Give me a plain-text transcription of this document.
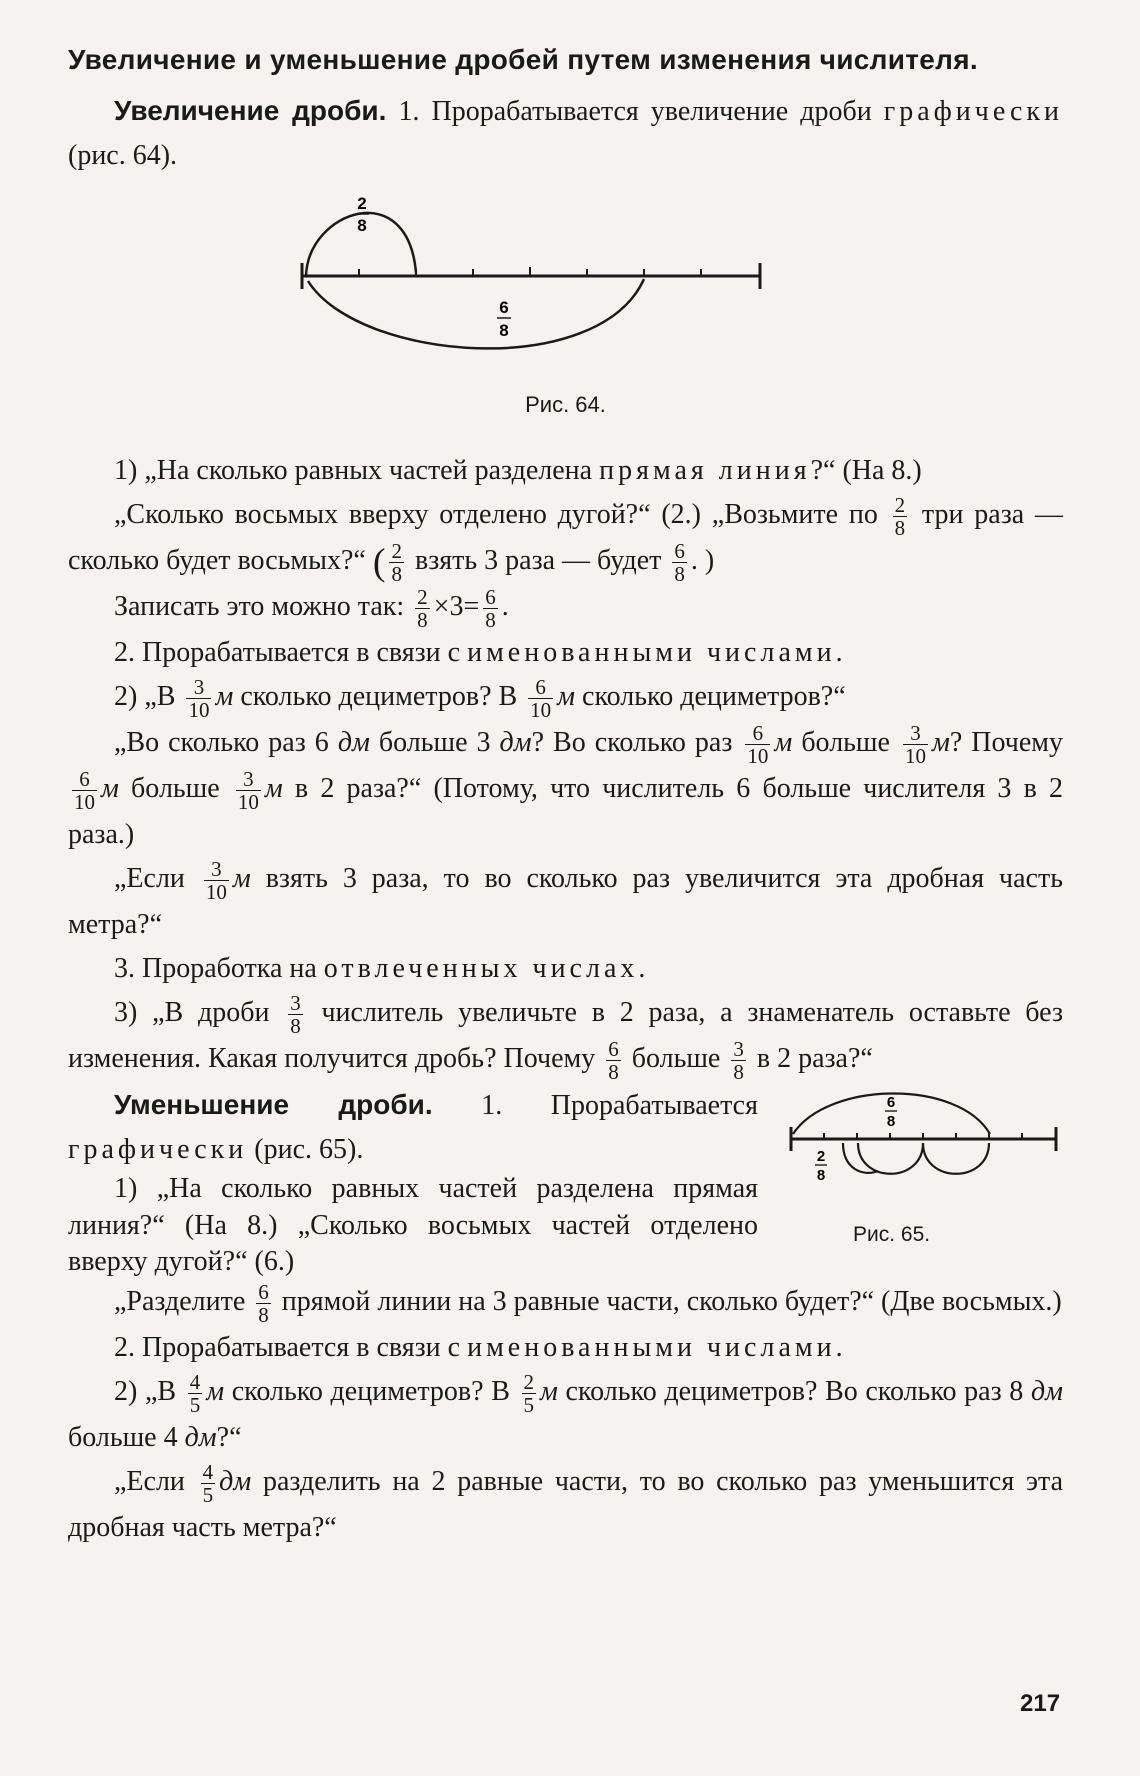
Увеличение и уменьшение дробей путем изменения числителя.

Увеличение дроби. 1. Прорабатывается увеличение дроби графически (рис. 64).

2
8
6
8
Рис. 64.

1) „На сколько равных частей разделена прямая линия?“ (На 8.)

„Сколько восьмых вверху отделено дугой?“ (2.) „Возьмите по $\frac{2}{8}$ три раза — сколько будет восьмых?“ ( $\frac{2}{8}$ взять 3 раза — будет $\frac{6}{8}$ . )

Записать это можно так: $\frac{2}{8} \times 3= \frac{6}{8}$ .

2. Прорабатывается в связи с именованными числами.

2) „В $\frac{3}{10}$ м сколько дециметров? В $\frac{6}{10}$ м сколько дециметров?“

„Во сколько раз 6 дм больше 3 дм? Во сколько раз $\frac{6}{10}$ м больше $\frac{3}{10} м$? Почему
$\frac{6}{10}$ м больше $\frac{3}{10}$ м в 2 раза?“ (Потому, что числитель 6 больше числителя 3 в 2 раза.)

„Если $\frac{3}{10}$ м взять 3 раза, то во сколько раз увеличится эта дробная часть метра?“

3. Проработка на отвлеченных числах.

3) „В дроби $\frac{3}{8}$ числитель увеличьте в 2 раза, а знаменатель оставьте без изменения. Какая получится дробь? Почему $\frac{6}{8}$ больше $\frac{3}{8}$ в 2 раза?“

6
8
2
8
Рис. 65.

Уменьшение дроби. 1. Прорабатывается графически (рис. 65).

1) „На сколько равных частей разделена прямая линия?“ (На 8.) „Сколько восьмых частей отделено вверху дугой?“ (6.)

„Разделите $\frac{6}{8}$ прямой линии на 3 равные части, сколько будет?“ (Две восьмых.)

2. Прорабатывается в связи с именованными числами.

2) „В $\frac{4}{5}$ м сколько дециметров? В $\frac{2}{5}$ м сколько дециметров? Во сколько раз 8 дм больше 4 дм?“

„Если $\frac{4}{5}$ дм разделить на 2 равные части, то во сколько раз уменьшится эта дробная часть метра?“

217
